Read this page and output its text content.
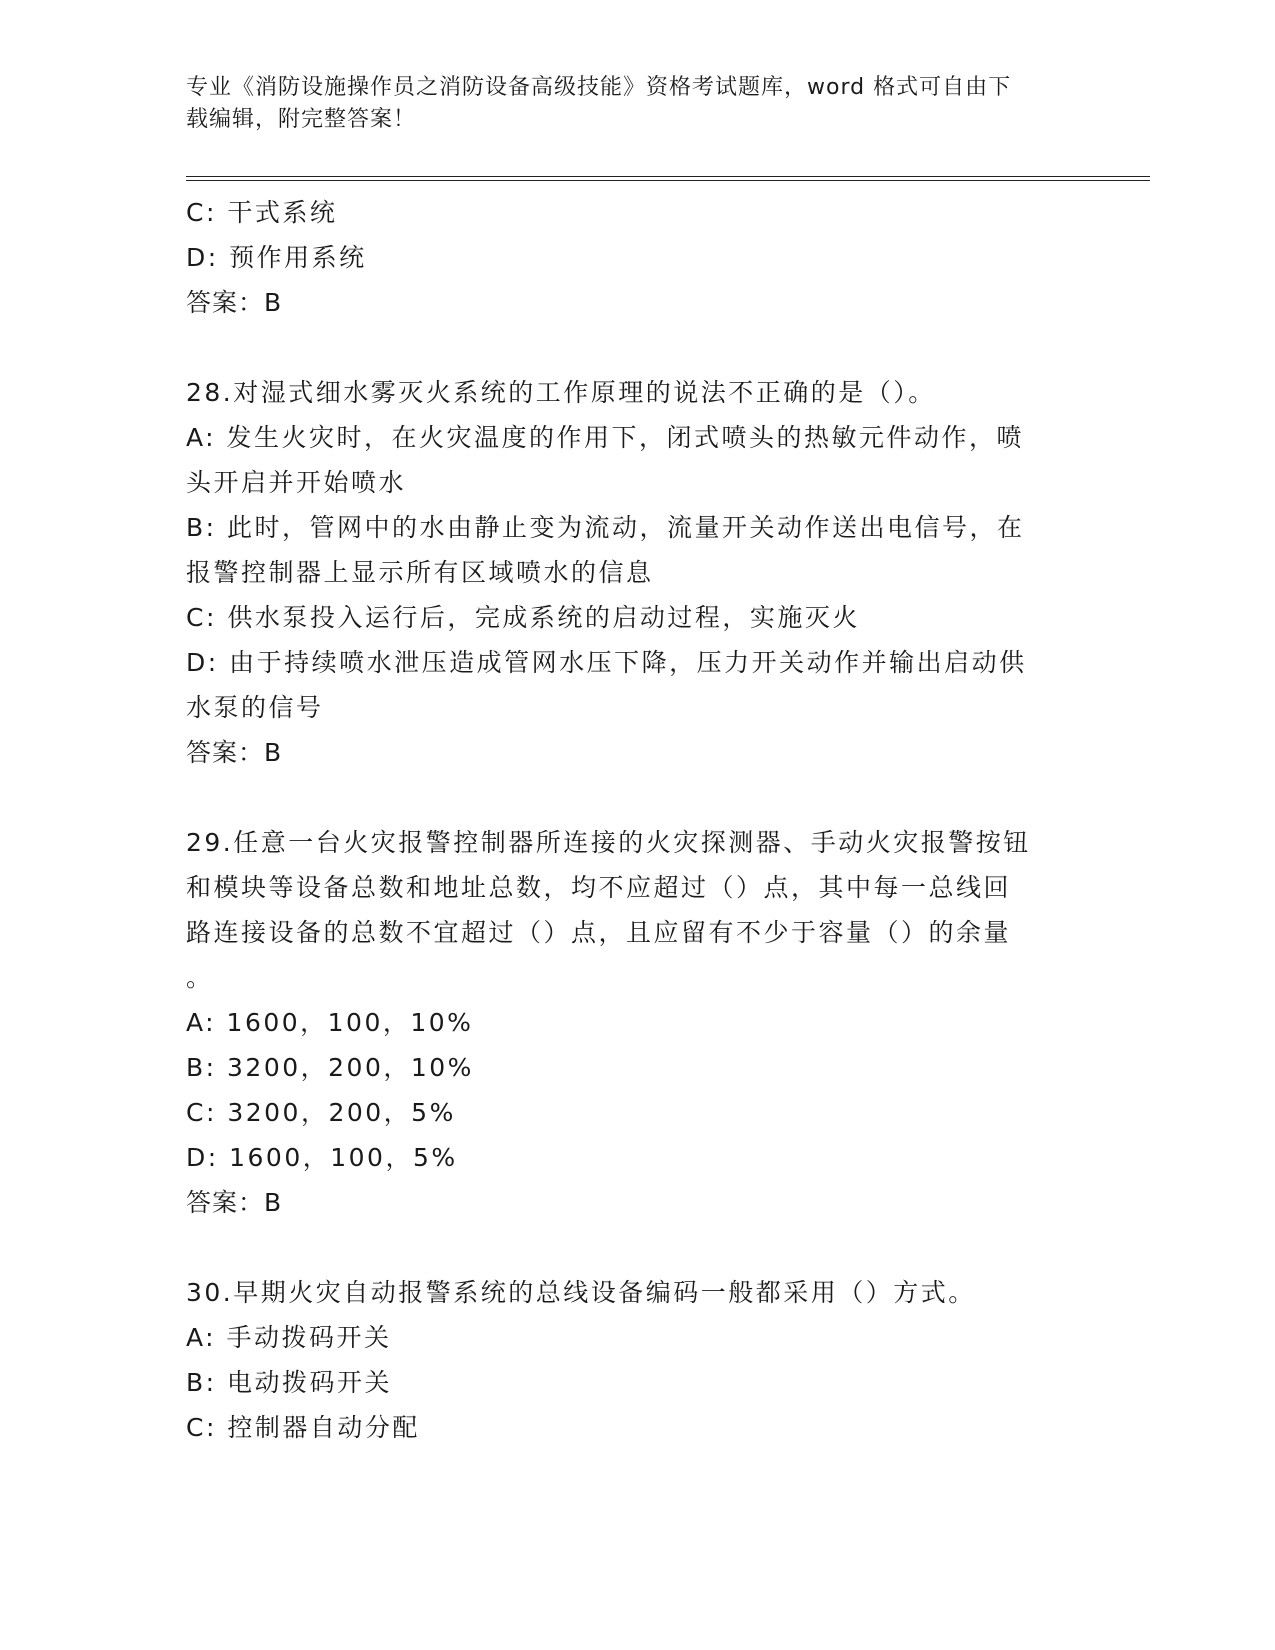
专业《消防设施操作员之消防设备高级技能》资格考试题库，word 格式可自由下
载编辑，附完整答案！
C: 干式系统
D: 预作用系统
答案：B
28.对湿式细水雾灭火系统的工作原理的说法不正确的是（）。
A: 发生火灾时，在火灾温度的作用下，闭式喷头的热敏元件动作，喷
头开启并开始喷水
B: 此时，管网中的水由静止变为流动，流量开关动作送出电信号，在
报警控制器上显示所有区域喷水的信息
C: 供水泵投入运行后，完成系统的启动过程，实施灭火
D: 由于持续喷水泄压造成管网水压下降，压力开关动作并输出启动供
水泵的信号
答案：B
29.任意一台火灾报警控制器所连接的火灾探测器、手动火灾报警按钮
和模块等设备总数和地址总数，均不应超过（）点，其中每一总线回
路连接设备的总数不宜超过（）点，且应留有不少于容量（）的余量
。
A: 1600，100，10%
B: 3200，200，10%
C: 3200，200，5%
D: 1600，100，5%
答案：B
30.早期火灾自动报警系统的总线设备编码一般都采用（）方式。
A: 手动拨码开关
B: 电动拨码开关
C: 控制器自动分配
